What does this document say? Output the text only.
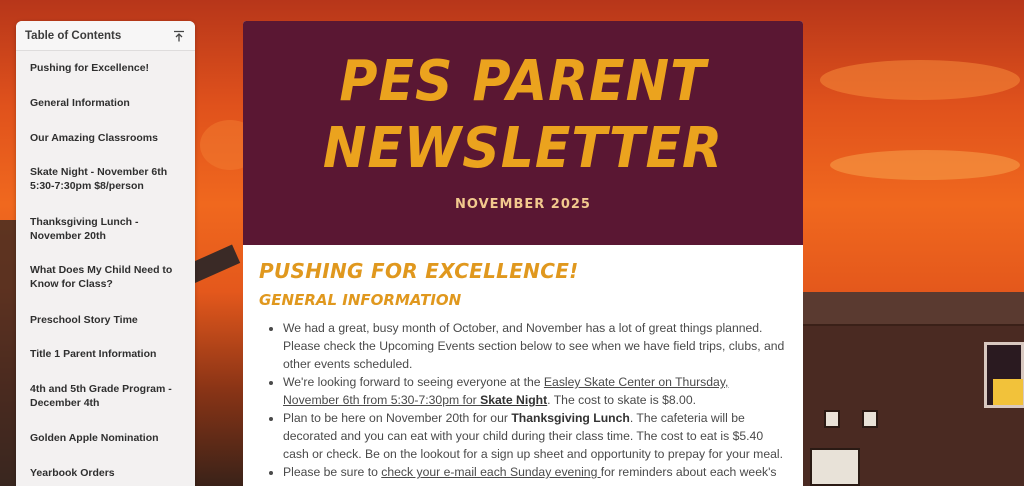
Table of Contents
Pushing for Excellence!
General Information
Our Amazing Classrooms
Skate Night - November 6th 5:30-7:30pm $8/person
Thanksgiving Lunch - November 20th
What Does My Child Need to Know for Class?
Preschool Story Time
Title 1 Parent Information
4th and 5th Grade Program - December 4th
Golden Apple Nomination
Yearbook Orders
PES PARENT
NEWSLETTER
NOVEMBER 2025
PUSHING FOR EXCELLENCE!
GENERAL INFORMATION
• We had a great, busy month of October, and November has a lot of great things planned. Please check the Upcoming Events section below to see when we have field trips, clubs, and other events scheduled.
• We're looking forward to seeing everyone at the Easley Skate Center on Thursday, November 6th from 5:30-7:30pm for Skate Night. The cost to skate is $8.00.
• Plan to be here on November 20th for our Thanksgiving Lunch. The cafeteria will be decorated and you can eat with your child during their class time. The cost to eat is $5.40 cash or check. Be on the lookout for a sign up sheet and opportunity to prepay for your meal.
• Please be sure to check your e-mail each Sunday evening for reminders about each week's
